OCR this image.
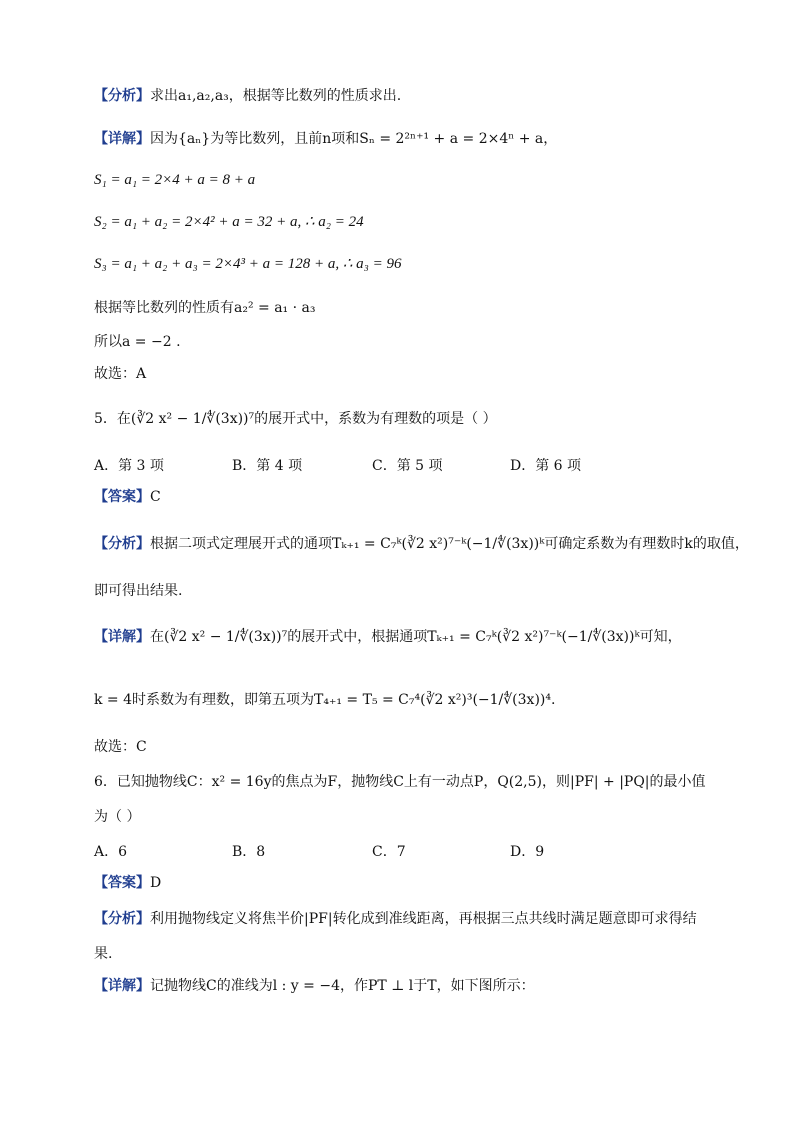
【分析】求出a₁,a₂,a₃，根据等比数列的性质求出.
【详解】因为{aₙ}为等比数列，且前n项和Sₙ = 2²ⁿ⁺¹ + a = 2×4ⁿ + a，
S₁ = a₁ = 2×4 + a = 8 + a
S₂ = a₁ + a₂ = 2×4² + a = 32 + a, ∴ a₂ = 24
S₃ = a₁ + a₂ + a₃ = 2×4³ + a = 128 + a, ∴ a₃ = 96
根据等比数列的性质有a₂² = a₁ · a₃
所以a = −2 .
故选：A
5．在(∛2 x² − 1/∜(3x))⁷的展开式中，系数为有理数的项是（ ）
A．第 3 项	B．第 4 项	C．第 5 项	D．第 6 项
【答案】C
【分析】根据二项式定理展开式的通项Tₖ₊₁ = C₇ᵏ(∛2 x²)⁷⁻ᵏ(−1/∜(3x))ᵏ可确定系数为有理数时k的取值，
即可得出结果.
【详解】在(∛2 x² − 1/∜(3x))⁷的展开式中，根据通项Tₖ₊₁ = C₇ᵏ(∛2 x²)⁷⁻ᵏ(−1/∜(3x))ᵏ可知，
k = 4时系数为有理数，即第五项为T₄₊₁ = T₅ = C₇⁴(∛2 x²)³(−1/∜(3x))⁴.
故选：C
6．已知抛物线C：x² = 16y的焦点为F，抛物线C上有一动点P，Q(2,5)，则|PF| + |PQ|的最小值
为（ ）
A．6	B．8	C．7	D．9
【答案】D
【分析】利用抛物线定义将焦半价|PF|转化成到准线距离，再根据三点共线时满足题意即可求得结
果.
【详解】记抛物线C的准线为l : y = −4，作PT ⊥ l于T，如下图所示：
